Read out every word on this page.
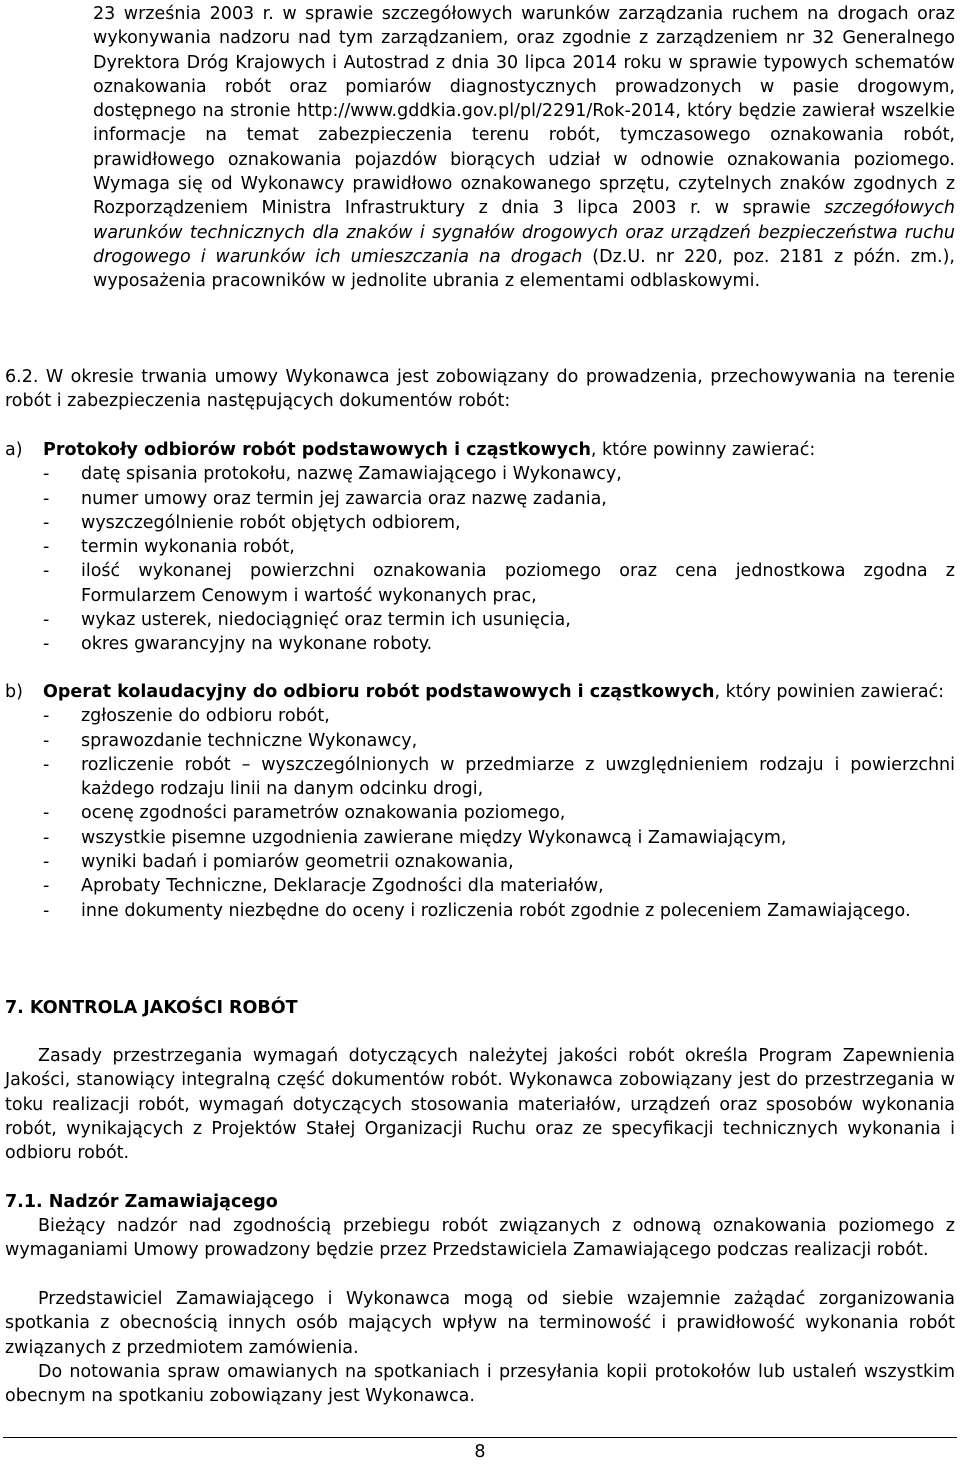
23 września 2003 r. w sprawie szczegółowych warunków zarządzania ruchem na drogach oraz wykonywania nadzoru nad tym zarządzaniem, oraz zgodnie z zarządzeniem nr 32 Generalnego Dyrektora Dróg Krajowych i Autostrad z dnia 30 lipca 2014 roku w sprawie typowych schematów oznakowania robót oraz pomiarów diagnostycznych prowadzonych w pasie drogowym, dostępnego na stronie http://www.gddkia.gov.pl/pl/2291/Rok-2014, który będzie zawierał wszelkie informacje na temat zabezpieczenia terenu robót, tymczasowego oznakowania robót, prawidłowego oznakowania pojazdów biorących udział w odnowie oznakowania poziomego. Wymaga się od Wykonawcy prawidłowo oznakowanego sprzętu, czytelnych znaków zgodnych z Rozporządzeniem Ministra Infrastruktury z dnia 3 lipca 2003 r. w sprawie szczegółowych warunków technicznych dla znaków i sygnałów drogowych oraz urządzeń bezpieczeństwa ruchu drogowego i warunków ich umieszczania na drogach (Dz.U. nr 220, poz. 2181 z późn. zm.), wyposażenia pracowników w jednolite ubrania z elementami odblaskowymi.

6.2. W okresie trwania umowy Wykonawca jest zobowiązany do prowadzenia, przechowywania na terenie robót i zabezpieczenia następujących dokumentów robót:

a) Protokoły odbiorów robót podstawowych i cząstkowych, które powinny zawierać:
- datę spisania protokołu, nazwę Zamawiającego i Wykonawcy,
- numer umowy oraz termin jej zawarcia oraz nazwę zadania,
- wyszczególnienie robót objętych odbiorem,
- termin wykonania robót,
- ilość wykonanej powierzchni oznakowania poziomego oraz cena jednostkowa zgodna z Formularzem Cenowym i wartość wykonanych prac,
- wykaz usterek, niedociągnięć oraz termin ich usunięcia,
- okres gwarancyjny na wykonane roboty.
b) Operat kolaudacyjny do odbioru robót podstawowych i cząstkowych, który powinien zawierać:
- zgłoszenie do odbioru robót,
- sprawozdanie techniczne Wykonawcy,
- rozliczenie robót – wyszczególnionych w przedmiarze z uwzględnieniem rodzaju i powierzchni każdego rodzaju linii na danym odcinku drogi,
- ocenę zgodności parametrów oznakowania poziomego,
- wszystkie pisemne uzgodnienia zawierane między Wykonawcą i Zamawiającym,
- wyniki badań i pomiarów geometrii oznakowania,
- Aprobaty Techniczne, Deklaracje Zgodności dla materiałów,
- inne dokumenty niezbędne do oceny i rozliczenia robót zgodnie z poleceniem Zamawiającego.

7. KONTROLA JAKOŚCI ROBÓT

Zasady przestrzegania wymagań dotyczących należytej jakości robót określa Program Zapewnienia Jakości, stanowiący integralną część dokumentów robót. Wykonawca zobowiązany jest do przestrzegania w toku realizacji robót, wymagań dotyczących stosowania materiałów, urządzeń oraz sposobów wykonania robót, wynikających z Projektów Stałej Organizacji Ruchu oraz ze specyfikacji technicznych wykonania i odbioru robót.

7.1. Nadzór Zamawiającego

Bieżący nadzór nad zgodnością przebiegu robót związanych z odnową oznakowania poziomego z wymaganiami Umowy prowadzony będzie przez Przedstawiciela Zamawiającego podczas realizacji robót.

Przedstawiciel Zamawiającego i Wykonawca mogą od siebie wzajemnie zażądać zorganizowania spotkania z obecnością innych osób mających wpływ na terminowość i prawidłowość wykonania robót związanych z przedmiotem zamówienia.

Do notowania spraw omawianych na spotkaniach i przesyłania kopii protokołów lub ustaleń wszystkim obecnym na spotkaniu zobowiązany jest Wykonawca.

8
